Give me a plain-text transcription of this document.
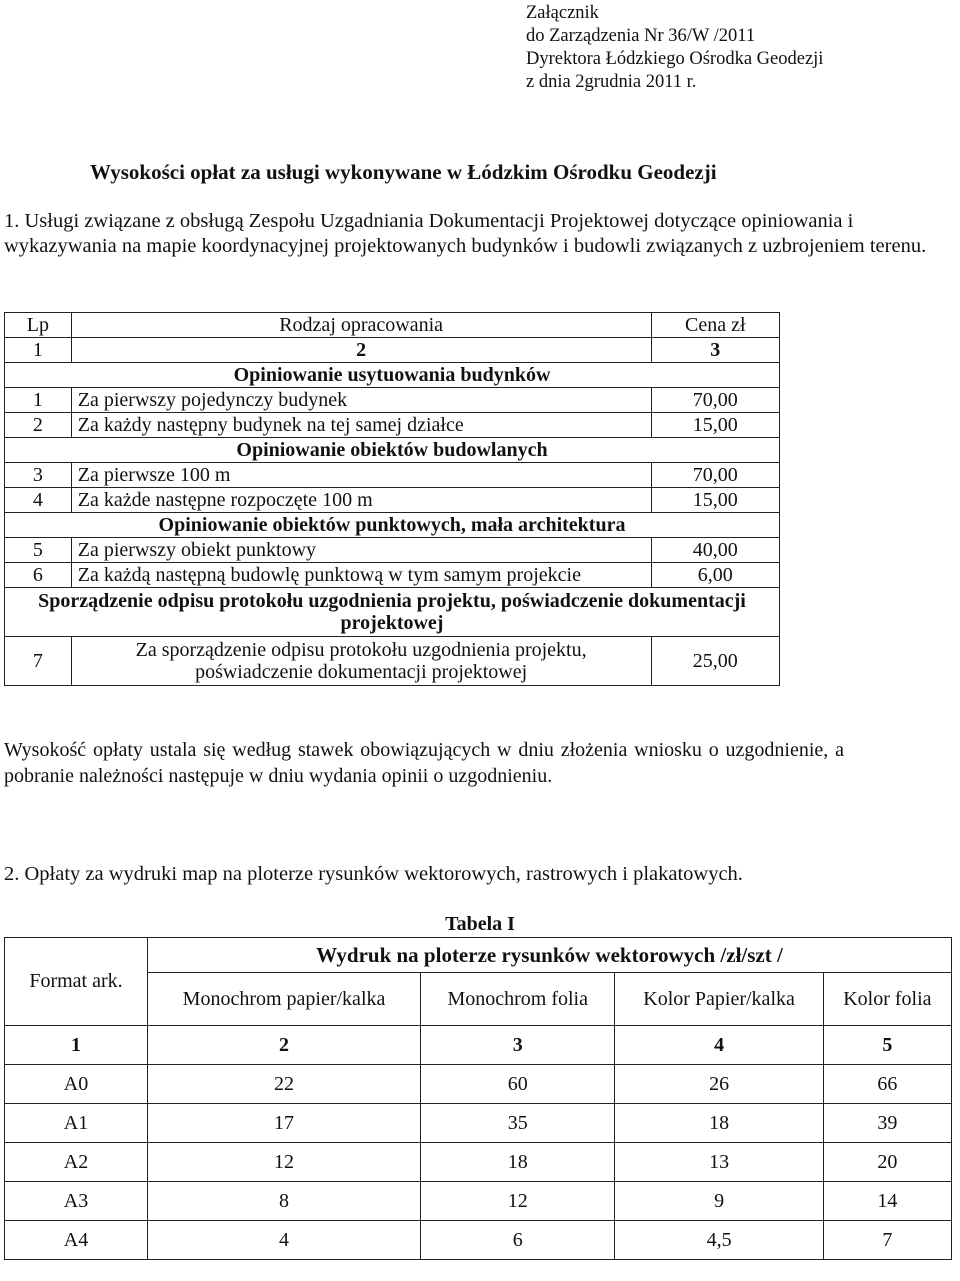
Załącznik
do Zarządzenia Nr 36/W /2011
Dyrektora Łódzkiego Ośrodka Geodezji
z dnia 2grudnia 2011 r.
Wysokości opłat za usługi wykonywane w Łódzkim Ośrodku Geodezji
1. Usługi związane z obsługą Zespołu Uzgadniania Dokumentacji Projektowej dotyczące opiniowania i wykazywania na mapie koordynacyjnej projektowanych budynków i budowli związanych z uzbrojeniem terenu.
Lp	Rodzaj opracowania	Cena zł
1	2	3
Opiniowanie usytuowania budynków		
1	Za pierwszy pojedynczy budynek	70,00
2	Za każdy następny budynek na tej samej działce	15,00
Opiniowanie obiektów budowlanych		
3	Za pierwsze 100 m	70,00
4	Za każde następne rozpoczęte 100 m	15,00
Opiniowanie obiektów punktowych, mała architektura		
5	Za pierwszy obiekt punktowy	40,00
6	Za każdą następną budowlę punktową w tym samym projekcie	6,00
Sporządzenie odpisu protokołu uzgodnienia projektu, poświadczenie dokumentacji projektowej		
7	Za sporządzenie odpisu protokołu uzgodnienia projektu, poświadczenie dokumentacji projektowej	25,00
Wysokość opłaty ustala się według stawek obowiązujących w dniu złożenia wniosku o uzgodnienie, a pobranie należności następuje w dniu wydania opinii o uzgodnieniu.
2. Opłaty za wydruki map na ploterze rysunków wektorowych, rastrowych i plakatowych.
Tabela I
Format ark.	Wydruk na ploterze rysunków wektorowych /zł/szt /			
	Monochrom papier/kalka	Monochrom folia	Kolor Papier/kalka	Kolor folia
1	2	3	4	5
A0	22	60	26	66
A1	17	35	18	39
A2	12	18	13	20
A3	8	12	9	14
A4	4	6	4,5	7
